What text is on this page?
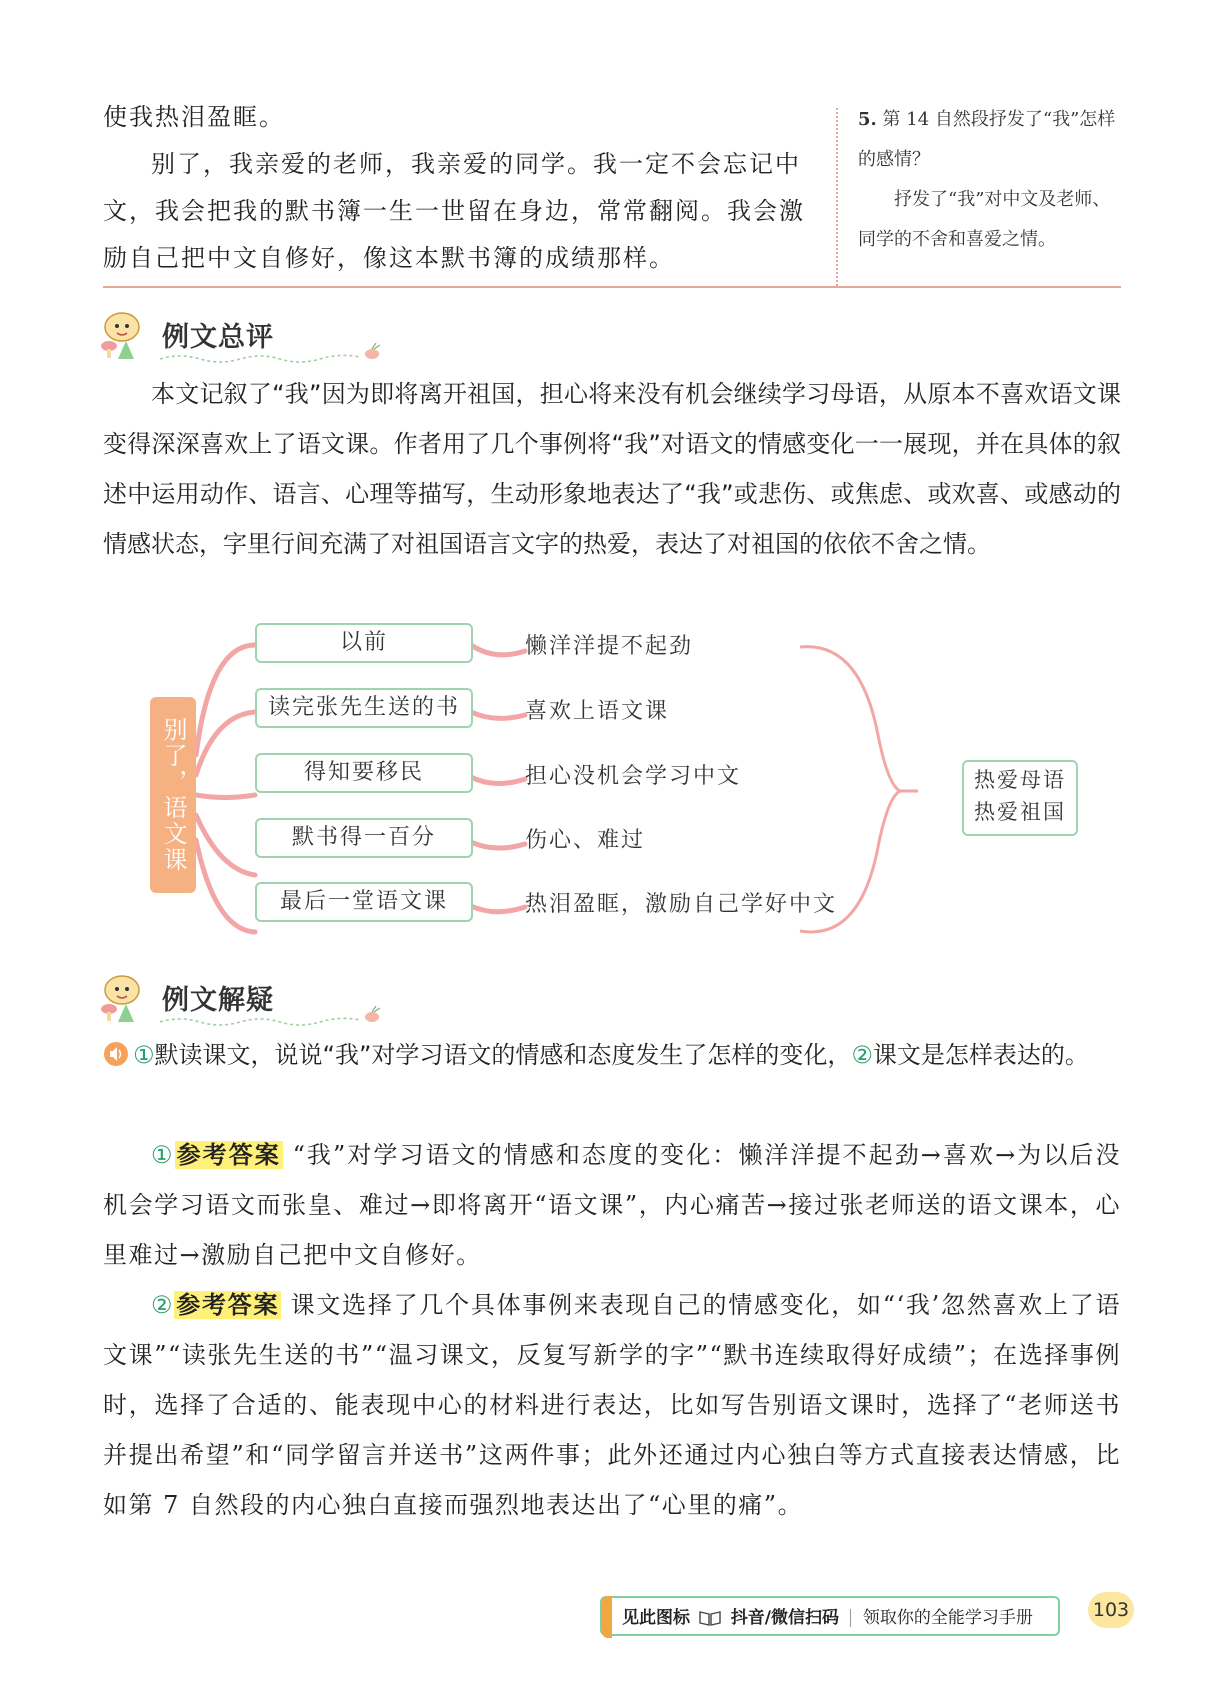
使我热泪盈眶。

别了，我亲爱的老师，我亲爱的同学。我一定不会忘记中文，我会把我的默书簿一生一世留在身边，常常翻阅。我会激励自己把中文自修好，像这本默书簿的成绩那样。

5. 第 14 自然段抒发了“我”怎样的感情？

抒发了“我”对中文及老师、同学的不舍和喜爱之情。

例文总评
本文记叙了“我”因为即将离开祖国，担心将来没有机会继续学习母语，从原本不喜欢语文课变得深深喜欢上了语文课。作者用了几个事例将“我”对语文的情感变化一一展现，并在具体的叙述中运用动作、语言、心理等描写，生动形象地表达了“我”或悲伤、或焦虑、或欢喜、或感动的情感状态，字里行间充满了对祖国语言文字的热爱，表达了对祖国的依依不舍之情。
别了，语文课
以前
读完张先生送的书
得知要移民
默书得一百分
最后一堂语文课
懒洋洋提不起劲
喜欢上语文课
担心没机会学习中文
伤心、难过
热泪盈眶，激励自己学好中文
热爱母语
热爱祖国
例文解疑

①默读课文，说说“我”对学习语文的情感和态度发生了怎样的变化，②课文是怎样表达的。

①参考答案 “我”对学习语文的情感和态度的变化：懒洋洋提不起劲→喜欢→为以后没机会学习语文而张皇、难过→即将离开“语文课”，内心痛苦→接过张老师送的语文课本，心里难过→激励自己把中文自修好。

②参考答案 课文选择了几个具体事例来表现自己的情感变化，如“‘我’忽然喜欢上了语文课”“读张先生送的书”“温习课文，反复写新学的字”“默书连续取得好成绩”；在选择事例时，选择了合适的、能表现中心的材料进行表达，比如写告别语文课时，选择了“老师送书并提出希望”和“同学留言并送书”这两件事；此外还通过内心独白等方式直接表达情感，比如第 7 自然段的内心独白直接而强烈地表达出了“心里的痛”。

见此图标 抖音/微信扫码 领取你的全能学习手册	103
